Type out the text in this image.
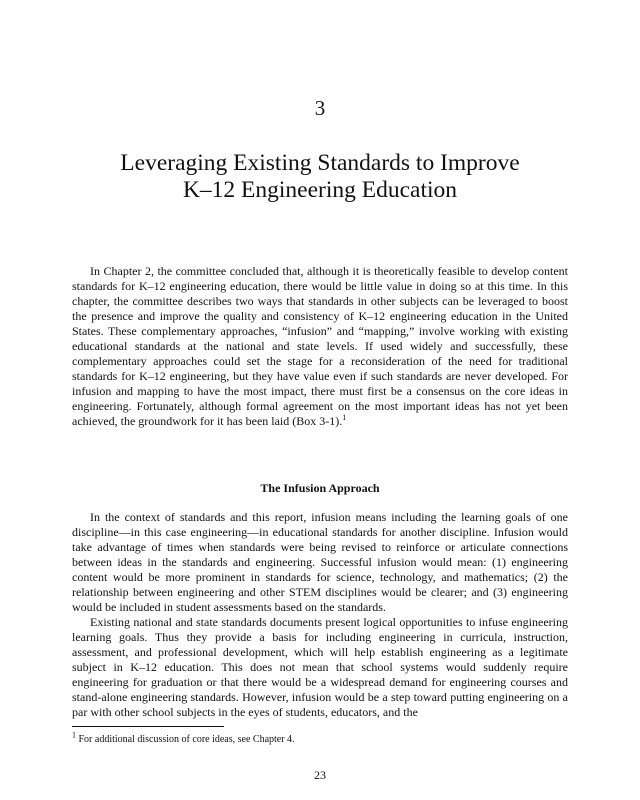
3
Leveraging Existing Standards to Improve
K–12 Engineering Education

In Chapter 2, the committee concluded that, although it is theoretically feasible to develop content standards for K–12 engineering education, there would be little value in doing so at this time. In this chapter, the committee describes two ways that standards in other subjects can be leveraged to boost the presence and improve the quality and consistency of K–12 engineering education in the United States. These complementary approaches, “infusion” and “mapping,” involve working with existing educational standards at the national and state levels. If used widely and successfully, these complementary approaches could set the stage for a reconsideration of the need for traditional standards for K–12 engineering, but they have value even if such standards are never developed. For infusion and mapping to have the most impact, there must first be a consensus on the core ideas in engineering. Fortunately, although formal agreement on the most important ideas has not yet been achieved, the groundwork for it has been laid (Box 3-1).$^1$

The Infusion Approach

In the context of standards and this report, infusion means including the learning goals of one discipline—in this case engineering—in educational standards for another discipline. Infusion would take advantage of times when standards were being revised to reinforce or articulate connections between ideas in the standards and engineering. Successful infusion would mean: (1) engineering content would be more prominent in standards for science, technology, and mathematics; (2) the relationship between engineering and other STEM disciplines would be clearer; and (3) engineering would be included in student assessments based on the standards.

Existing national and state standards documents present logical opportunities to infuse engineering learning goals. Thus they provide a basis for including engineering in curricula, instruction, assessment, and professional development, which will help establish engineering as a legitimate subject in K–12 education. This does not mean that school systems would suddenly require engineering for graduation or that there would be a widespread demand for engineering courses and stand-alone engineering standards. However, infusion would be a step toward putting engineering on a par with other school subjects in the eyes of students, educators, and the

$^1$ For additional discussion of core ideas, see Chapter 4.
23
